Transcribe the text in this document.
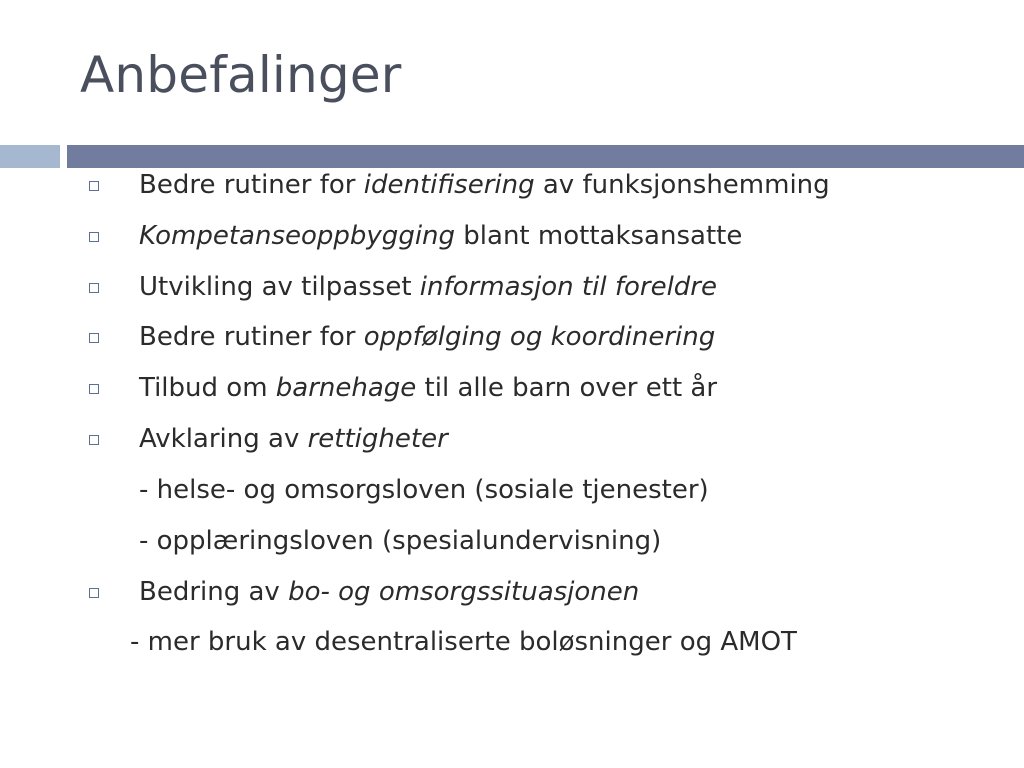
Anbefalinger
Bedre rutiner for identifisering av funksjonshemming
Kompetanseoppbygging blant mottaksansatte
Utvikling av tilpasset informasjon til foreldre
Bedre rutiner for oppfølging og koordinering
Tilbud om barnehage til alle barn over ett år
Avklaring av rettigheter
- helse- og omsorgsloven (sosiale tjenester)
- opplæringsloven (spesialundervisning)
Bedring av bo- og omsorgssituasjonen
- mer bruk av desentraliserte boløsninger og AMOT
